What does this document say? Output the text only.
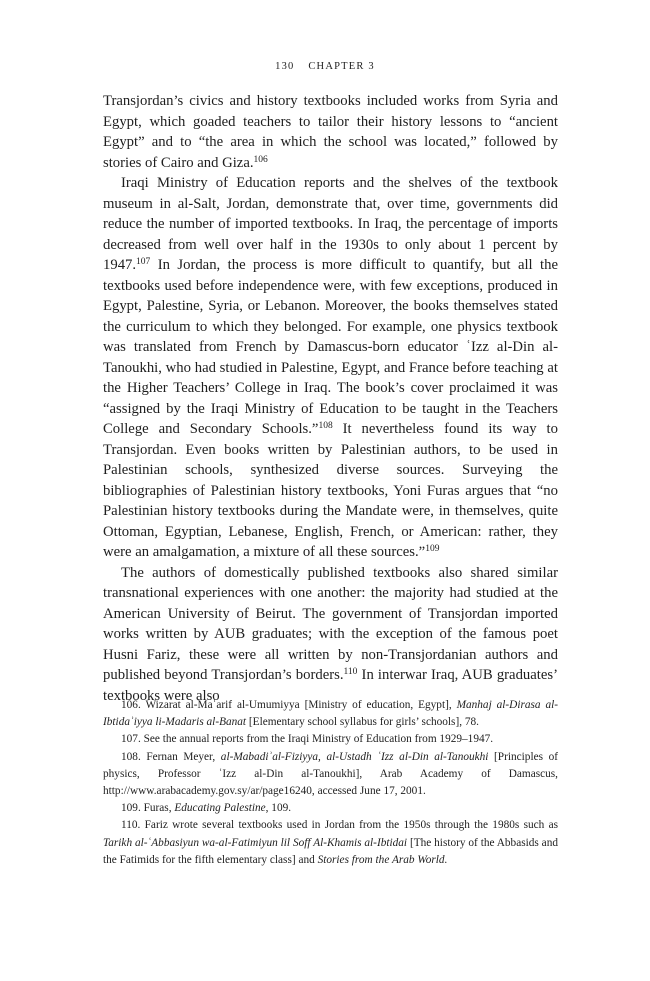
130 CHAPTER 3

Transjordan’s civics and history textbooks included works from Syria and Egypt, which goaded teachers to tailor their history lessons to “ancient Egypt” and to “the area in which the school was located,” followed by stories of Cairo and Giza.$^{106}$

Iraqi Ministry of Education reports and the shelves of the textbook museum in al-Salt, Jordan, demonstrate that, over time, governments did reduce the number of imported textbooks. In Iraq, the percentage of imports decreased from well over half in the 1930s to only about 1 percent by 1947.$^{107}$ In Jordan, the process is more difficult to quantify, but all the textbooks used before independence were, with few exceptions, produced in Egypt, Palestine, Syria, or Lebanon. Moreover, the books themselves stated the curriculum to which they belonged. For example, one physics textbook was translated from French by Damascus-born educator ʿIzz al-Din al-Tanoukhi, who had studied in Palestine, Egypt, and France before teaching at the Higher Teachers’ College in Iraq. The book’s cover proclaimed it was “assigned by the Iraqi Ministry of Education to be taught in the Teachers College and Secondary Schools.”$^{108}$ It nevertheless found its way to Transjordan. Even books written by Palestinian authors, to be used in Palestinian schools, synthesized diverse sources. Surveying the bibliographies of Palestinian history textbooks, Yoni Furas argues that “no Palestinian history textbooks during the Mandate were, in themselves, quite Ottoman, Egyptian, Lebanese, English, French, or American: rather, they were an amalgamation, a mixture of all these sources.”$^{109}$

The authors of domestically published textbooks also shared similar transnational experiences with one another: the majority had studied at the American University of Beirut. The government of Transjordan imported works written by AUB graduates; with the exception of the famous poet Husni Fariz, these were all written by non-Transjordanian authors and published beyond Transjordan’s borders.$^{110}$ In interwar Iraq, AUB graduates’ textbooks were also

106. Wizarat al-Maʿarif al-Umumiyya [Ministry of education, Egypt], Manhaj al-Dirasa al-Ibtidaʾiyya li-Madaris al-Banat [Elementary school syllabus for girls’ schools], 78.

107. See the annual reports from the Iraqi Ministry of Education from 1929–1947.

108. Fernan Meyer, al-Mabadiʾal-Fiziyya, al-Ustadh ʿIzz al-Din al-Tanoukhi [Principles of physics, Professor ʿIzz al-Din al-Tanoukhi], Arab Academy of Damascus, http://www.arabacademy.gov.sy/ar/page16240, accessed June 17, 2001.

109. Furas, Educating Palestine, 109.

110. Fariz wrote several textbooks used in Jordan from the 1950s through the 1980s such as Tarikh al-ʿAbbasiyun wa-al-Fatimiyun lil Soff Al-Khamis al-Ibtidai [The history of the Abbasids and the Fatimids for the fifth elementary class] and Stories from the Arab World.
